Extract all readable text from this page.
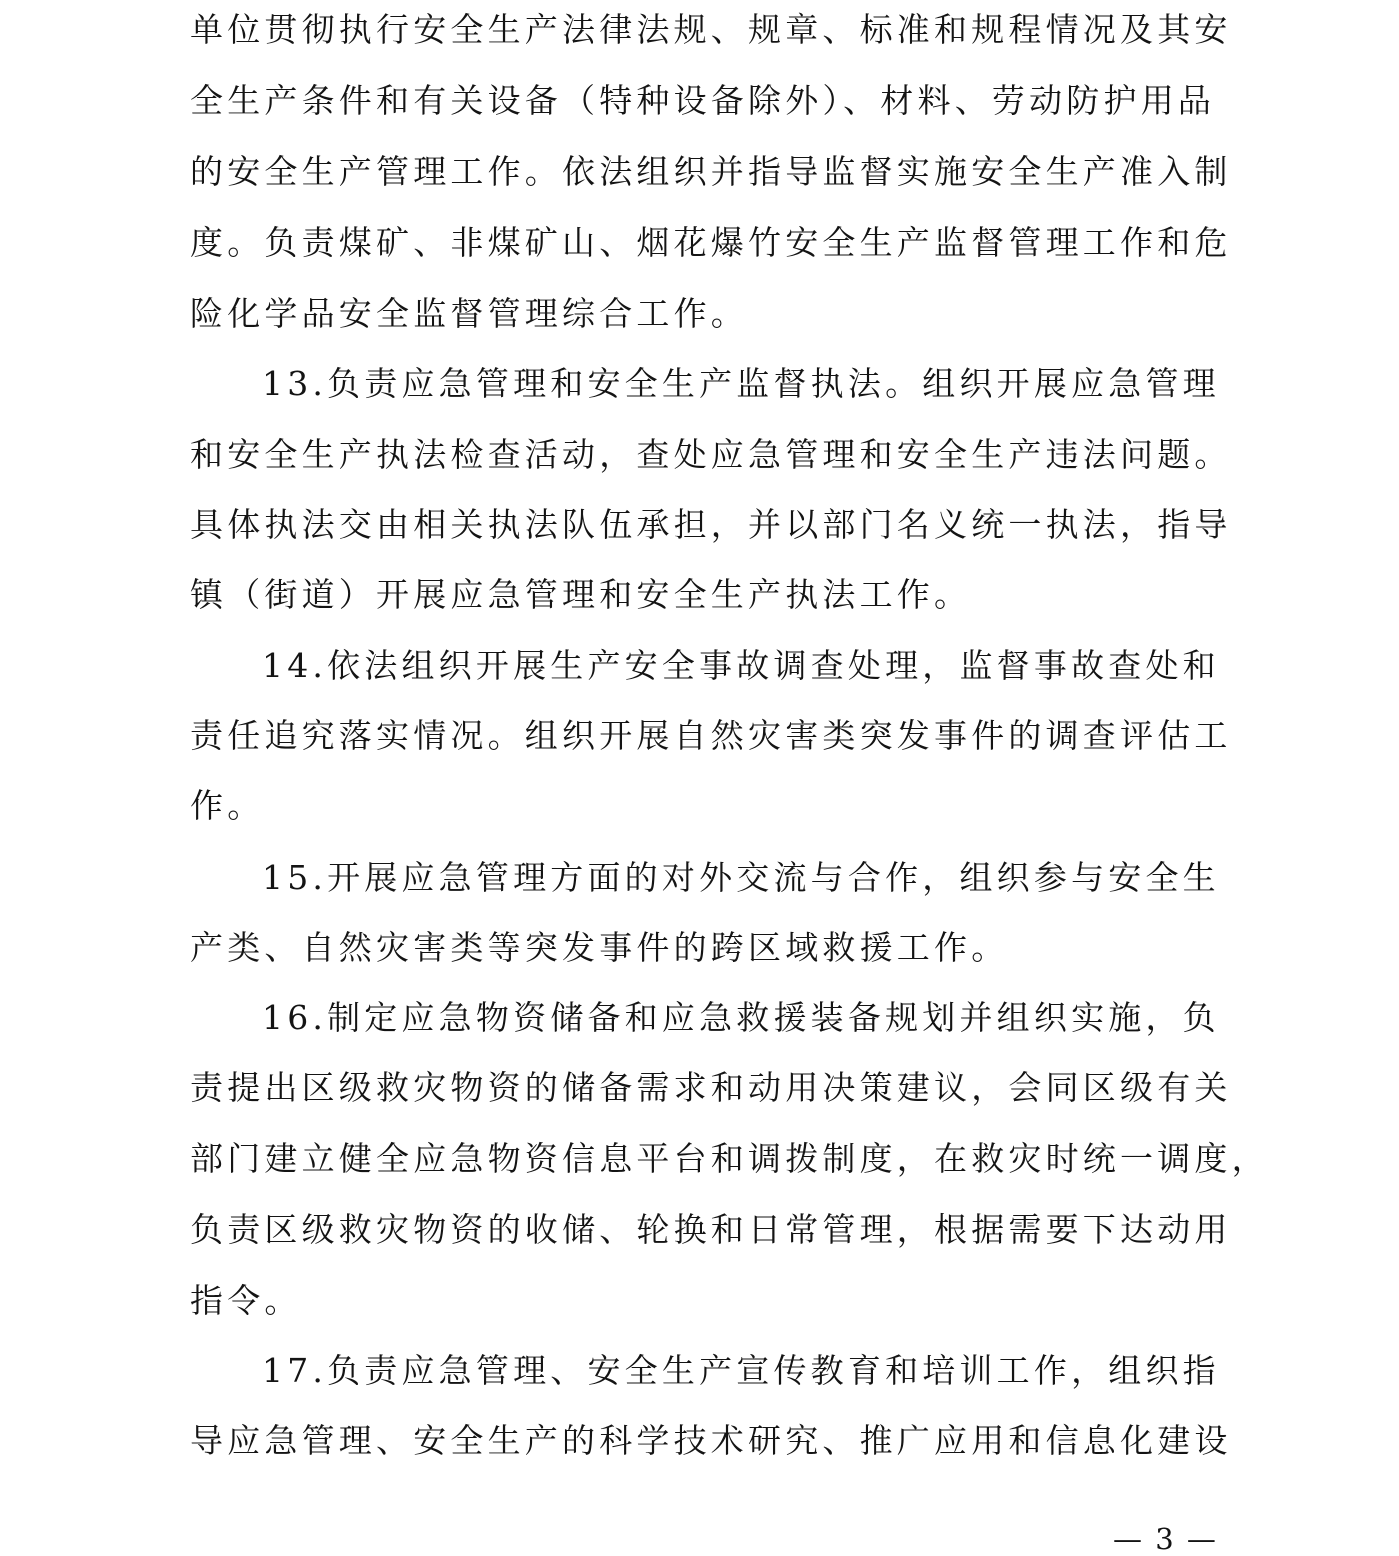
单位贯彻执行安全生产法律法规、规章、标准和规程情况及其安
全生产条件和有关设备（特种设备除外）、材料、劳动防护用品
的安全生产管理工作。依法组织并指导监督实施安全生产准入制
度。负责煤矿、非煤矿山、烟花爆竹安全生产监督管理工作和危
险化学品安全监督管理综合工作。
13.负责应急管理和安全生产监督执法。组织开展应急管理
和安全生产执法检查活动，查处应急管理和安全生产违法问题。
具体执法交由相关执法队伍承担，并以部门名义统一执法，指导
镇（街道）开展应急管理和安全生产执法工作。
14.依法组织开展生产安全事故调查处理，监督事故查处和
责任追究落实情况。组织开展自然灾害类突发事件的调查评估工
作。
15.开展应急管理方面的对外交流与合作，组织参与安全生
产类、自然灾害类等突发事件的跨区域救援工作。
16.制定应急物资储备和应急救援装备规划并组织实施，负
责提出区级救灾物资的储备需求和动用决策建议，会同区级有关
部门建立健全应急物资信息平台和调拨制度，在救灾时统一调度，
负责区级救灾物资的收储、轮换和日常管理，根据需要下达动用
指令。
17.负责应急管理、安全生产宣传教育和培训工作，组织指
导应急管理、安全生产的科学技术研究、推广应用和信息化建设
— 3 —
